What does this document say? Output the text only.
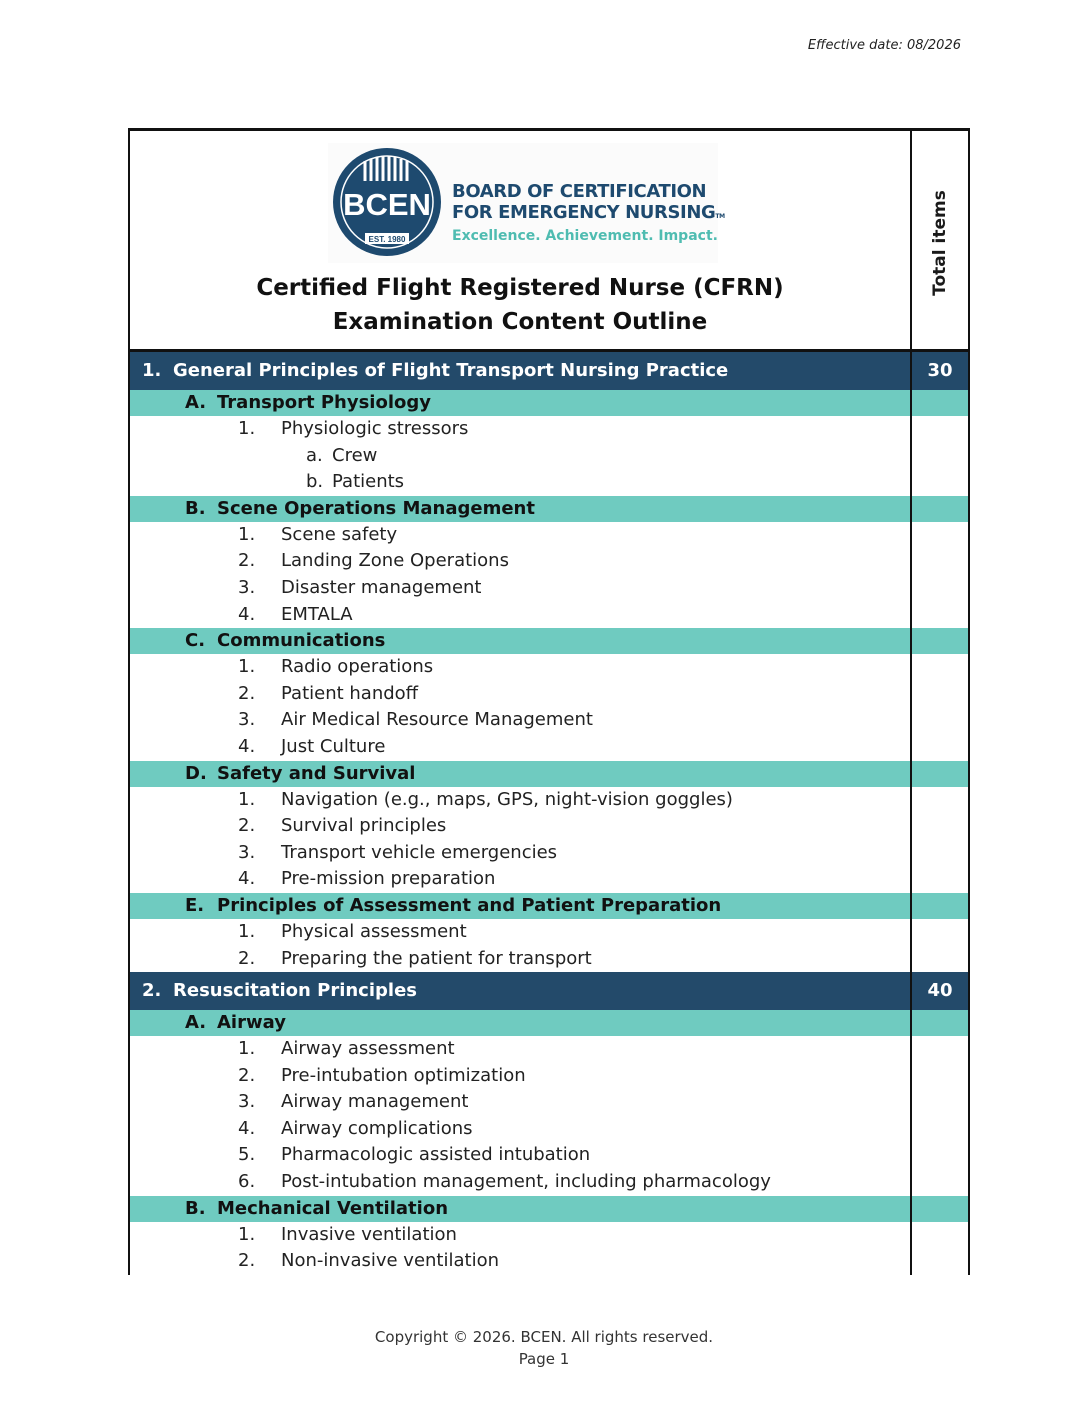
Effective date: 08/2026
BCEN
EST. 1980
BOARD OF CERTIFICATION
FOR EMERGENCY NURSINGTM
Excellence. Achievement. Impact.
Certified Flight Registered Nurse (CFRN)
Examination Content Outline
Total items
1. General Principles of Flight Transport Nursing Practice	30
A. Transport Physiology
1. Physiologic stressors
a. Crew
b. Patients
B. Scene Operations Management
1. Scene safety
2. Landing Zone Operations
3. Disaster management
4. EMTALA
C. Communications
1. Radio operations
2. Patient handoff
3. Air Medical Resource Management
4. Just Culture
D. Safety and Survival
1. Navigation (e.g., maps, GPS, night-vision goggles)
2. Survival principles
3. Transport vehicle emergencies
4. Pre-mission preparation
E. Principles of Assessment and Patient Preparation
1. Physical assessment
2. Preparing the patient for transport
2. Resuscitation Principles	40
A. Airway
1. Airway assessment
2. Pre-intubation optimization
3. Airway management
4. Airway complications
5. Pharmacologic assisted intubation
6. Post-intubation management, including pharmacology
B. Mechanical Ventilation
1. Invasive ventilation
2. Non-invasive ventilation
Copyright © 2026. BCEN. All rights reserved.
Page 1
